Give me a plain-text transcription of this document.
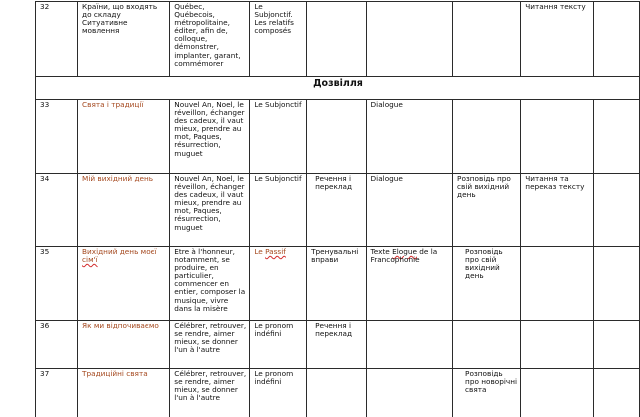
32	Країни, що входять до складу Ситуативне мовлення	Québec, Québecois, métropolitaine, éditer, afin de, colloque, démonstrer, implanter, garant, commémorer	Le Subjonctif. Les relatifs composés				Читання тексту	
Дозвілля								
33	Свята і традиції	Nouvel An, Noel, le réveillon, échanger des cadeux, il vaut mieux, prendre au mot, Paques, résurrection, muguet	Le Subjonctif		Dialogue			
34	Мій вихідний день	Nouvel An, Noel, le réveillon, échanger des cadeux, il vaut mieux, prendre au mot, Paques, résurrection, muguet	Le Subjonctif	Речення і переклад	Dialogue	Розповідь про свій вихідний день	Читання та переказ тексту	
35	Вихідний день моєї сім'ї	Etre à l'honneur, notamment, se produire, en particulier, commencer en entier, composer la musique, vivre dans la misère	Le Passif	Тренувальні вправи	Texte Elogue de la Francophonie	Розповідь про свій вихідний день		
36	Як ми відпочиваємо	Célébrer, retrouver, se rendre, aimer mieux, se donner l'un à l'autre	Le pronom indéfini	Речення і переклад				
37	Традиційні свята	Célébrer, retrouver, se rendre, aimer mieux, se donner l'un à l'autre	Le pronom indéfini			Розповідь про новорічні свята		
